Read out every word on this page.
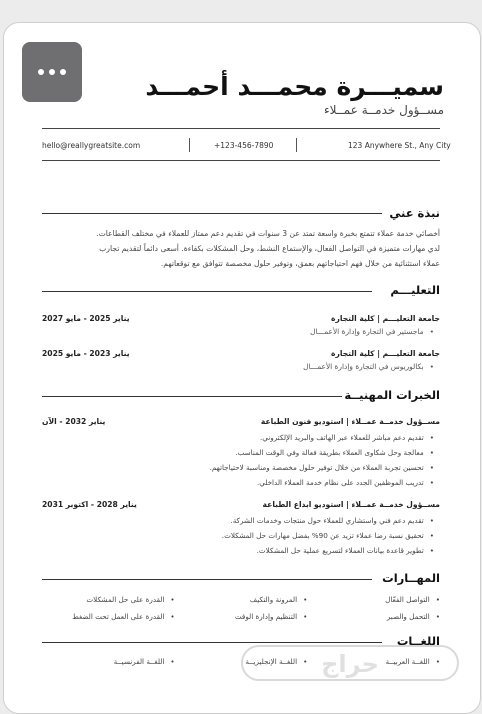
سميـــرة محمـــد أحمـــد
مســؤول خدمــة عمــلاء
hello@reallygreatsite.com	+123-456-7890	123 Anywhere St., Any City
نبذة عني
أخصائي خدمة عملاء تتمتع بخبرة واسعة تمتد عن 3 سنوات في تقديم دعم ممتاز للعملاء في مختلف القطاعات.
لدي مهارات متميزة في التواصل الفعال، والإستماع النشط، وحل المشكلات بكفاءة. أسعى دائماً لتقديم تجارب
عملاء استثنائية من خلال فهم احتياجاتهم بعمق، وتوفير حلول مخصصة تتوافق مع توقعاتهم.
التعليـــم
جامعة التعليـــم | كلية التجارة
• ماجستير في التجارة وإدارة الأعمـــال
يناير 2025 - مايو 2027
جامعة التعليـــم | كلية التجارة
• بكالوريوس في التجارة وإدارة الأعمـــال
يناير 2023 - مايو 2025
الخبرات المهنيــة
مســؤول خدمــة عمــلاء | استوديو فنون الطباعة
يناير 2032 - الآن
• تقديم دعم مباشر للعملاء عبر الهاتف والبريد الإلكتروني.
• معالجة وحل شكاوى العملاء بطريقة فعالة وفي الوقت المناسب.
• تحسين تجربة العملاء من خلال توفير حلول مخصصة ومناسبة لاحتياجاتهم.
• تدريب الموظفين الجدد على نظام خدمة العملاء الداخلي.
مســؤول خدمــة عمــلاء | استوديو ابداع الطباعة
يناير 2028 - اكتوبر 2031
• تقديم دعم فني واستشاري للعملاء حول منتجات وخدمات الشركة.
• تحقيق نسبة رضا عملاء تزيد عن 90% بفضل مهارات حل المشكلات.
• تطوير قاعدة بيانات العملاء لتسريع عملية حل المشكلات.
المهــارات
• التواصل الفعّال
• المرونة والتكيف
• القدرة على حل المشكلات
• التحمل والصبر
• التنظيم وإدارة الوقت
• القدرة على العمل تحت الضغط
اللغــات
• اللغــة العربيــة
• اللغــة الإنجليزيــة
• اللغــة الفرنسيــة	حراج
